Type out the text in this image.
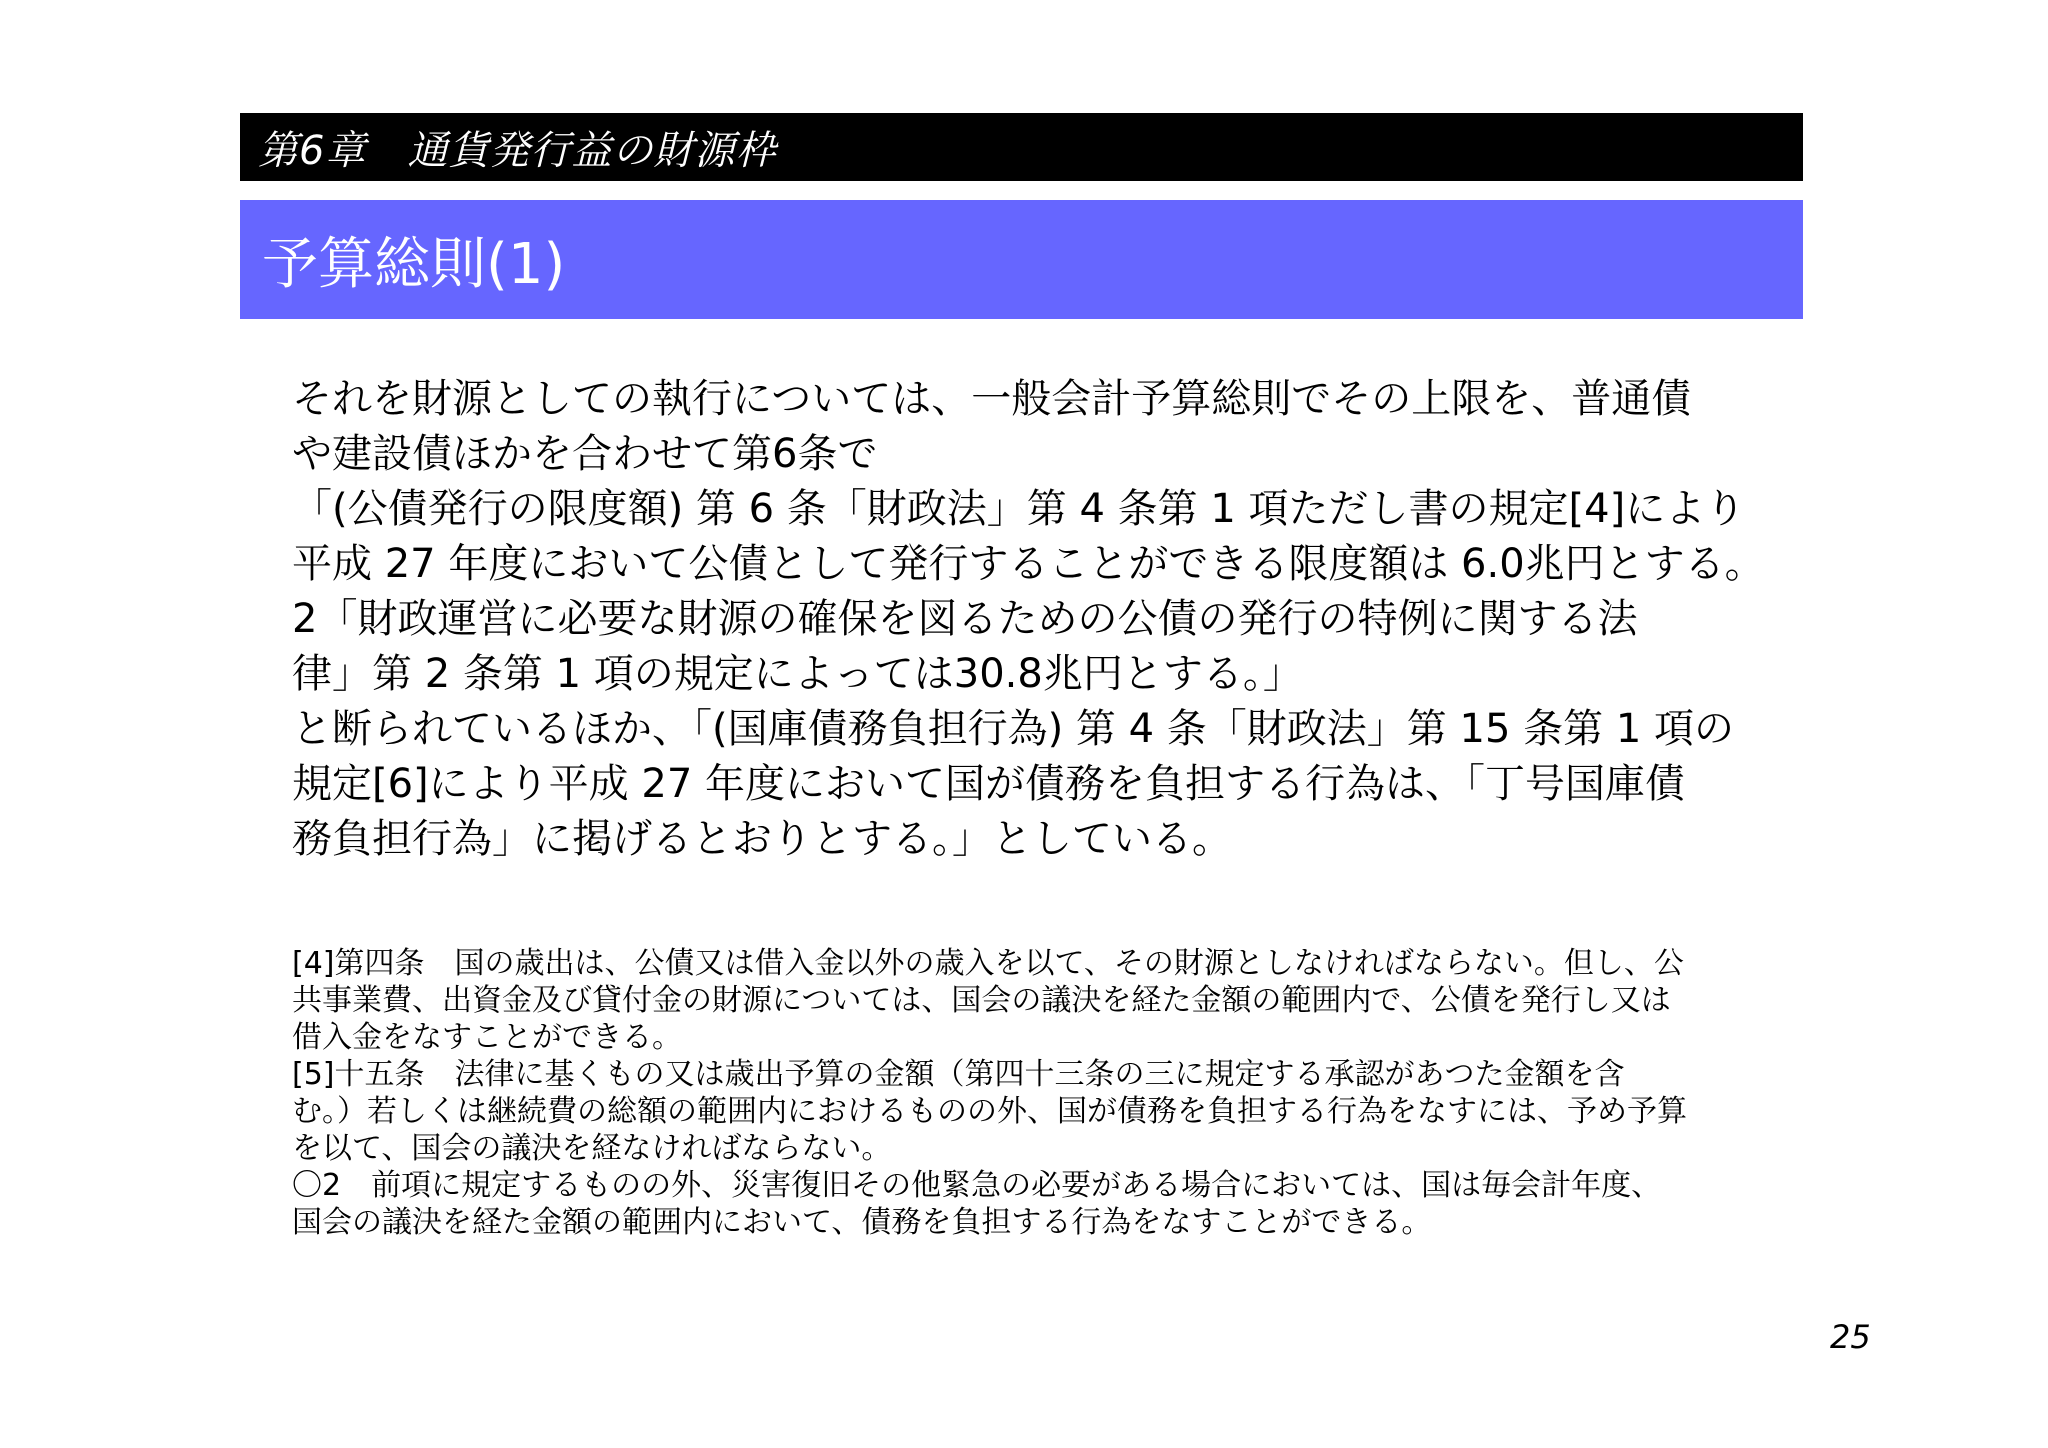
第6章　通貨発行益の財源枠
予算総則(1)
それを財源としての執行については、一般会計予算総則でその上限を、普通債
や建設債ほかを合わせて第6条で
「(公債発行の限度額) 第 6 条「財政法」第 4 条第 1 項ただし書の規定[4]により
平成 27 年度において公債として発行することができる限度額は 6.0兆円とする。
2「財政運営に必要な財源の確保を図るための公債の発行の特例に関する法
律」第 2 条第 1 項の規定によっては30.8兆円とする。」
と断られているほか、「(国庫債務負担行為) 第 4 条「財政法」第 15 条第 1 項の
規定[6]により平成 27 年度において国が債務を負担する行為は、「丁号国庫債
務負担行為」に掲げるとおりとする。」としている。
[4]第四条　国の歳出は、公債又は借入金以外の歳入を以て、その財源としなければならない。但し、公
共事業費、出資金及び貸付金の財源については、国会の議決を経た金額の範囲内で、公債を発行し又は
借入金をなすことができる。
[5]十五条　法律に基くもの又は歳出予算の金額（第四十三条の三に規定する承認があつた金額を含
む。）若しくは継続費の総額の範囲内におけるものの外、国が債務を負担する行為をなすには、予め予算
を以て、国会の議決を経なければならない。
〇2　前項に規定するものの外、災害復旧その他緊急の必要がある場合においては、国は毎会計年度、
国会の議決を経た金額の範囲内において、債務を負担する行為をなすことができる。
25
